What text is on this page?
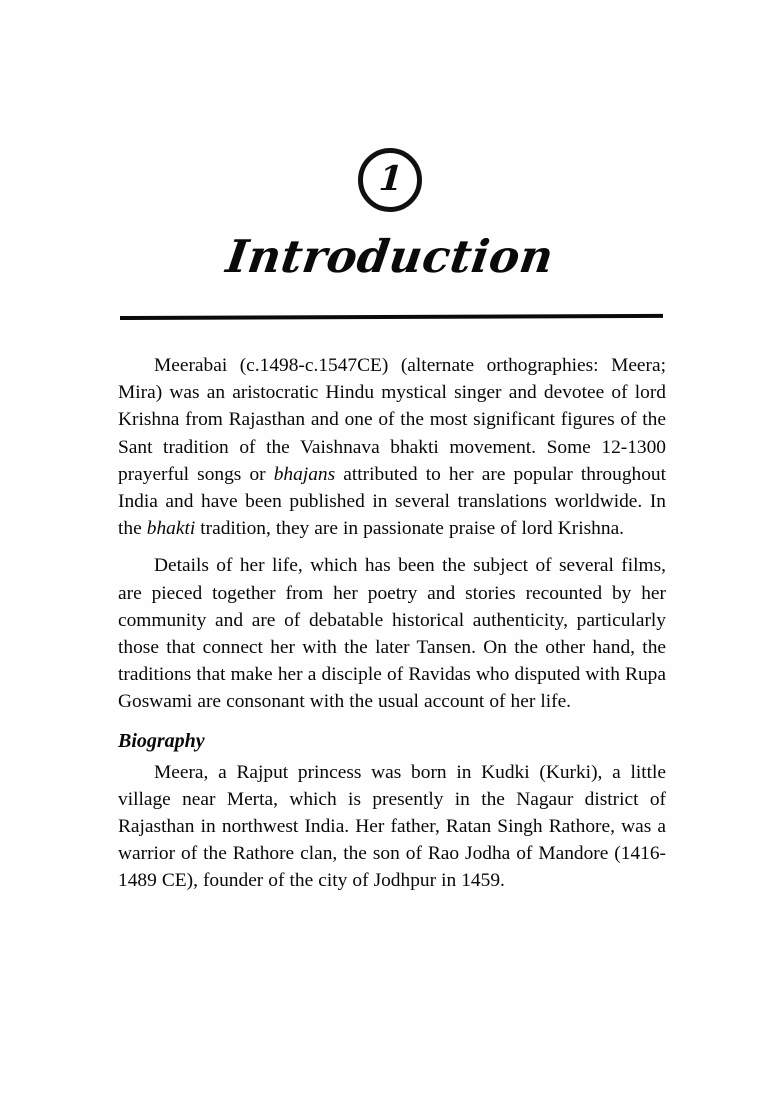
1
Introduction

Meerabai (c.1498-c.1547CE) (alternate orthographies: Meera; Mira) was an aristocratic Hindu mystical singer and devotee of lord Krishna from Rajasthan and one of the most significant figures of the Sant tradition of the Vaishnava bhakti movement. Some 12-1300 prayerful songs or bhajans attributed to her are popular throughout India and have been published in several translations worldwide. In the bhakti tradition, they are in passionate praise of lord Krishna.

Details of her life, which has been the subject of several films, are pieced together from her poetry and stories recounted by her community and are of debatable historical authenticity, particularly those that connect her with the later Tansen. On the other hand, the traditions that make her a disciple of Ravidas who disputed with Rupa Goswami are consonant with the usual account of her life.

Biography

Meera, a Rajput princess was born in Kudki (Kurki), a little village near Merta, which is presently in the Nagaur district of Rajasthan in northwest India. Her father, Ratan Singh Rathore, was a warrior of the Rathore clan, the son of Rao Jodha of Mandore (1416-1489 CE), founder of the city of Jodhpur in 1459.
